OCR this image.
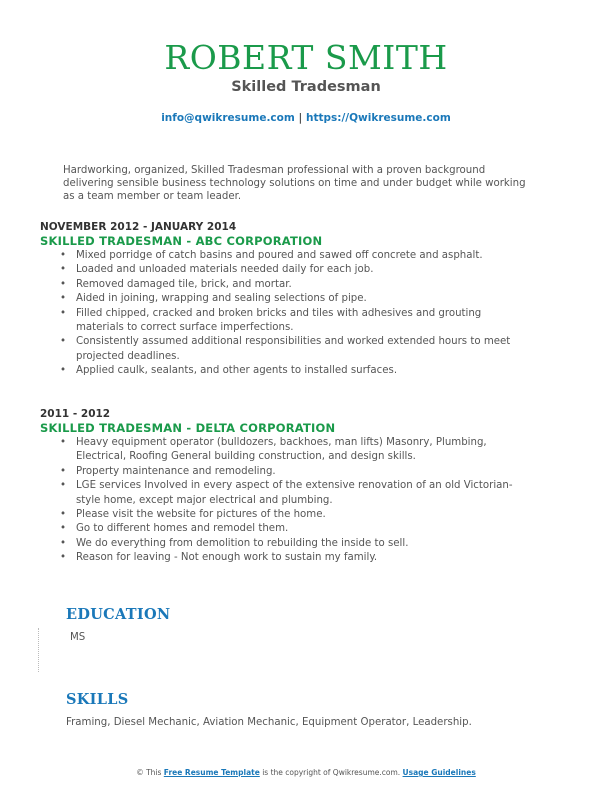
ROBERT SMITH
Skilled Tradesman
info@qwikresume.com | https://Qwikresume.com
Hardworking, organized, Skilled Tradesman professional with a proven background delivering sensible business technology solutions on time and under budget while working as a team member or team leader.
NOVEMBER 2012 - JANUARY 2014
SKILLED TRADESMAN - ABC CORPORATION
• Mixed porridge of catch basins and poured and sawed off concrete and asphalt.
• Loaded and unloaded materials needed daily for each job.
• Removed damaged tile, brick, and mortar.
• Aided in joining, wrapping and sealing selections of pipe.
• Filled chipped, cracked and broken bricks and tiles with adhesives and grouting materials to correct surface imperfections.
• Consistently assumed additional responsibilities and worked extended hours to meet projected deadlines.
• Applied caulk, sealants, and other agents to installed surfaces.
2011 - 2012
SKILLED TRADESMAN - DELTA CORPORATION
• Heavy equipment operator (bulldozers, backhoes, man lifts) Masonry, Plumbing, Electrical, Roofing General building construction, and design skills.
• Property maintenance and remodeling.
• LGE services Involved in every aspect of the extensive renovation of an old Victorian-style home, except major electrical and plumbing.
• Please visit the website for pictures of the home.
• Go to different homes and remodel them.
• We do everything from demolition to rebuilding the inside to sell.
• Reason for leaving - Not enough work to sustain my family.
EDUCATION
MS
SKILLS
Framing, Diesel Mechanic, Aviation Mechanic, Equipment Operator, Leadership.
© This Free Resume Template is the copyright of Qwikresume.com. Usage Guidelines
